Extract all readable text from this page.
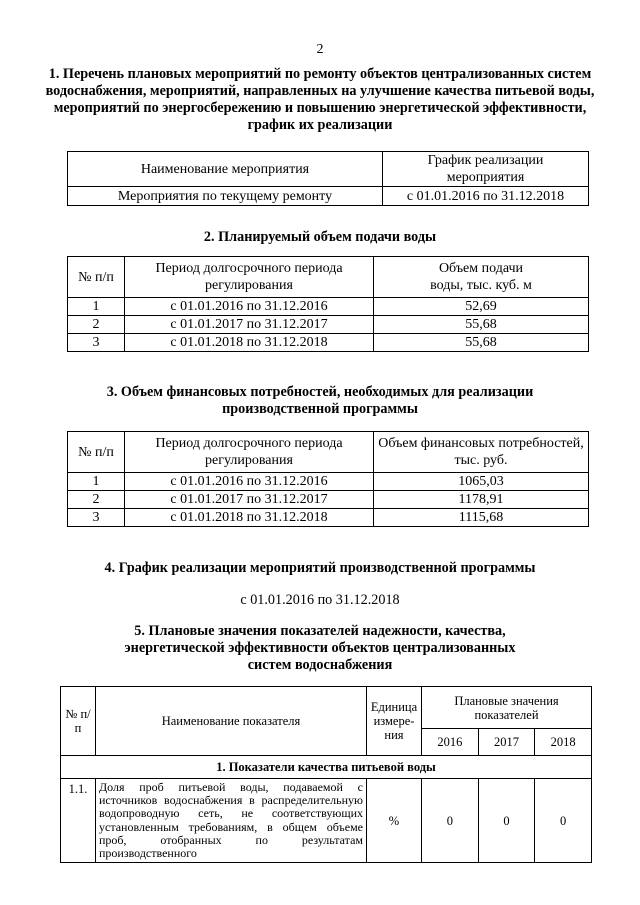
2
1. Перечень плановых мероприятий по ремонту объектов централизованных систем водоснабжения, мероприятий, направленных на улучшение качества питьевой воды, мероприятий по энергосбережению и повышению энергетической эффективности, график их реализации
Наименование мероприятия	График реализации мероприятия
Мероприятия по текущему ремонту	с 01.01.2016 по 31.12.2018
2. Планируемый объем подачи воды
№ п/п	Период долгосрочного периода регулирования	Объем подачи воды, тыс. куб. м
1	с 01.01.2016 по 31.12.2016	52,69
2	с 01.01.2017 по 31.12.2017	55,68
3	с 01.01.2018 по 31.12.2018	55,68
3. Объем финансовых потребностей, необходимых для реализации производственной программы
№ п/п	Период долгосрочного периода регулирования	Объем финансовых потребностей, тыс. руб.
1	с 01.01.2016 по 31.12.2016	1065,03
2	с 01.01.2017 по 31.12.2017	1178,91
3	с 01.01.2018 по 31.12.2018	1115,68
4. График реализации мероприятий производственной программы
с 01.01.2016 по 31.12.2018
5. Плановые значения показателей надежности, качества, энергетической эффективности объектов централизованных систем водоснабжения
№ п/п	Наименование показателя	Единица измере-ния	Плановые значения показателей		
			2016	2017	2018
1. Показатели качества питьевой воды					
1.1.	Доля проб питьевой воды, подаваемой с источников водоснабжения в распределительную водопроводную сеть, не соответствующих установленным требованиям, в общем объеме проб, отобранных по результатам производственного	%	0	0	0
